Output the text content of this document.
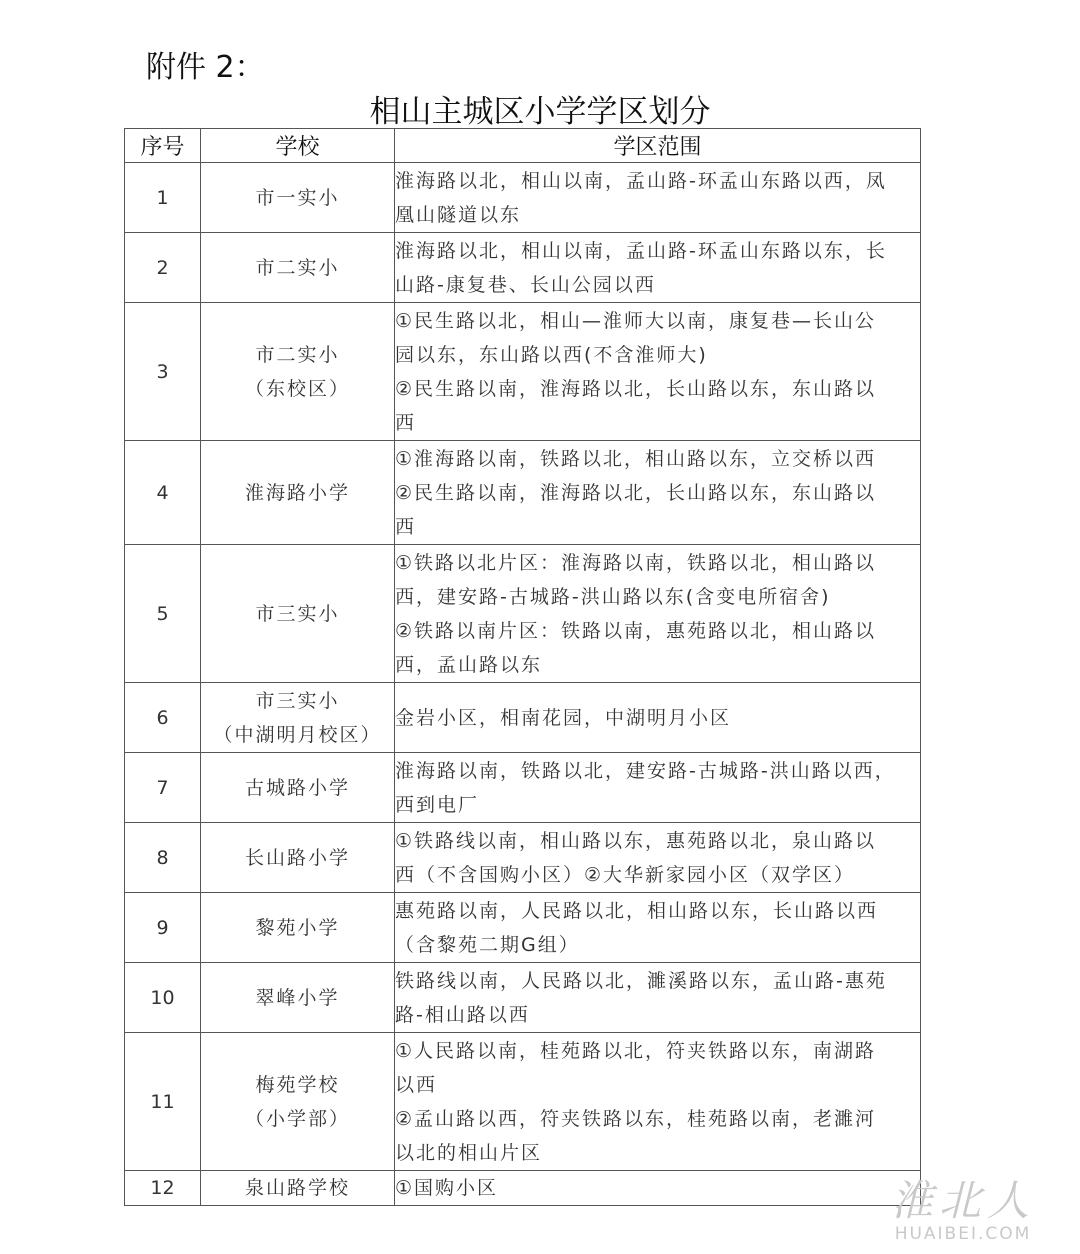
附件 2：
相山主城区小学学区划分
序号	学校	学区范围
1	市一实小	淮海路以北，相山以南，孟山路-环孟山东路以西，凤
凰山隧道以东

2	市二实小	淮海路以北，相山以南，孟山路-环孟山东路以东，长
山路-康复巷、长山公园以西

3	市二实小
（东校区）	①民生路以北，相山—淮师大以南，康复巷—长山公
园以东，东山路以西(不含淮师大)
②民生路以南，淮海路以北，长山路以东，东山路以
西

4	淮海路小学	①淮海路以南，铁路以北，相山路以东，立交桥以西
②民生路以南，淮海路以北，长山路以东，东山路以
西

5	市三实小	①铁路以北片区：淮海路以南，铁路以北，相山路以
西，建安路-古城路-洪山路以东(含变电所宿舍)
②铁路以南片区：铁路以南，惠苑路以北，相山路以
西，孟山路以东

6	市三实小
（中湖明月校区）	金岩小区，相南花园，中湖明月小区

7	古城路小学	淮海路以南，铁路以北，建安路-古城路-洪山路以西，
西到电厂

8	长山路小学	①铁路线以南，相山路以东，惠苑路以北，泉山路以
西（不含国购小区）②大华新家园小区（双学区）

9	黎苑小学	惠苑路以南，人民路以北，相山路以东，长山路以西
（含黎苑二期G组）

10	翠峰小学	铁路线以南，人民路以北，濉溪路以东，孟山路-惠苑
路-相山路以西

11	梅苑学校
（小学部）	①人民路以南，桂苑路以北，符夹铁路以东，南湖路
以西
②孟山路以西，符夹铁路以东，桂苑路以南，老濉河
以北的相山片区

12	泉山路学校	①国购小区	淮北人
HUAIBEI.COM
